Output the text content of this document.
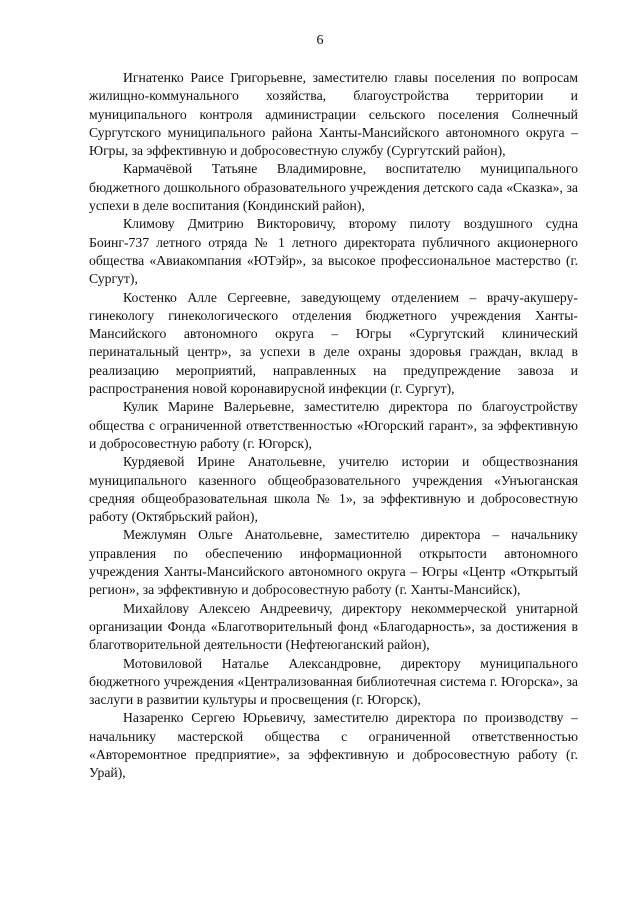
6

Игнатенко Раисе Григорьевне, заместителю главы поселения по вопросам жилищно-коммунального хозяйства, благоустройства территории и муниципального контроля администрации сельского поселения Солнечный Сургутского муниципального района Ханты-Мансийского автономного округа – Югры, за эффективную и добросовестную службу (Сургутский район),

Кармачёвой Татьяне Владимировне, воспитателю муниципального бюджетного дошкольного образовательного учреждения детского сада «Сказка», за успехи в деле воспитания (Кондинский район),

Климову Дмитрию Викторовичу, второму пилоту воздушного судна Боинг-737 летного отряда № 1 летного директората публичного акционерного общества «Авиакомпания «ЮТэйр», за высокое профессиональное мастерство (г. Сургут),

Костенко Алле Сергеевне, заведующему отделением – врачу-акушеру-гинекологу гинекологического отделения бюджетного учреждения Ханты-Мансийского автономного округа – Югры «Сургутский клинический перинатальный центр», за успехи в деле охраны здоровья граждан, вклад в реализацию мероприятий, направленных на предупреждение завоза и распространения новой коронавирусной инфекции (г. Сургут),

Кулик Марине Валерьевне, заместителю директора по благоустройству общества с ограниченной ответственностью «Югорский гарант», за эффективную и добросовестную работу (г. Югорск),

Курдяевой Ирине Анатольевне, учителю истории и обществознания муниципального казенного общеобразовательного учреждения «Унъюганская средняя общеобразовательная школа № 1», за эффективную и добросовестную работу (Октябрьский район),

Межлумян Ольге Анатольевне, заместителю директора – начальнику управления по обеспечению информационной открытости автономного учреждения Ханты-Мансийского автономного округа – Югры «Центр «Открытый регион», за эффективную и добросовестную работу (г. Ханты-Мансийск),

Михайлову Алексею Андреевичу, директору некоммерческой унитарной организации Фонда «Благотворительный фонд «Благодарность», за достижения в благотворительной деятельности (Нефтеюганский район),

Мотовиловой Наталье Александровне, директору муниципального бюджетного учреждения «Централизованная библиотечная система г. Югорска», за заслуги в развитии культуры и просвещения (г. Югорск),

Назаренко Сергею Юрьевичу, заместителю директора по производству – начальнику мастерской общества с ограниченной ответственностью «Авторемонтное предприятие», за эффективную и добросовестную работу (г. Урай),
